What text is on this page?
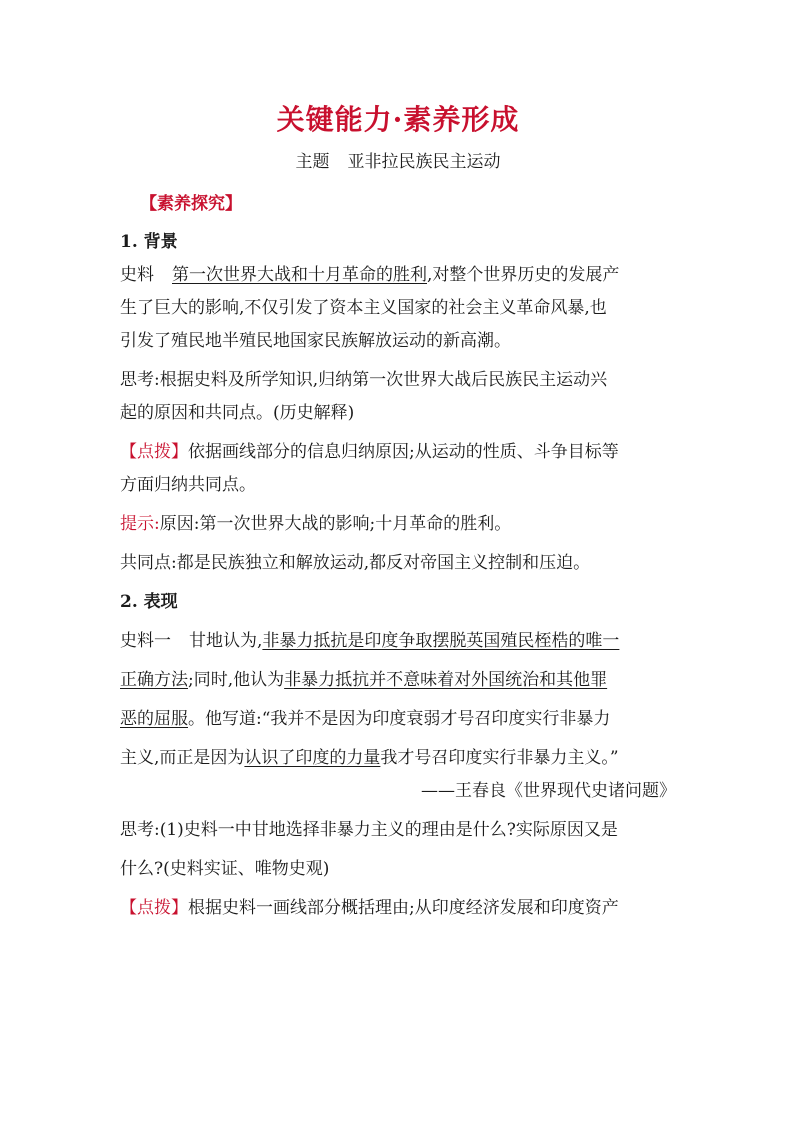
关键能力·素养形成
主题 亚非拉民族民主运动
【素养探究】
1. 背景
史料 第一次世界大战和十月革命的胜利,对整个世界历史的发展产
生了巨大的影响,不仅引发了资本主义国家的社会主义革命风暴,也
引发了殖民地半殖民地国家民族解放运动的新高潮。
思考:根据史料及所学知识,归纳第一次世界大战后民族民主运动兴
起的原因和共同点。(历史解释)
【点拨】依据画线部分的信息归纳原因;从运动的性质、斗争目标等
方面归纳共同点。
提示:原因:第一次世界大战的影响;十月革命的胜利。
共同点:都是民族独立和解放运动,都反对帝国主义控制和压迫。
2. 表现
史料一 甘地认为,非暴力抵抗是印度争取摆脱英国殖民桎梏的唯一
正确方法;同时,他认为非暴力抵抗并不意味着对外国统治和其他罪
恶的屈服。他写道:“我并不是因为印度衰弱才号召印度实行非暴力
主义,而正是因为认识了印度的力量我才号召印度实行非暴力主义。”
——王春良《世界现代史诸问题》
思考:(1)史料一中甘地选择非暴力主义的理由是什么?实际原因又是
什么?(史料实证、唯物史观)
【点拨】根据史料一画线部分概括理由;从印度经济发展和印度资产
